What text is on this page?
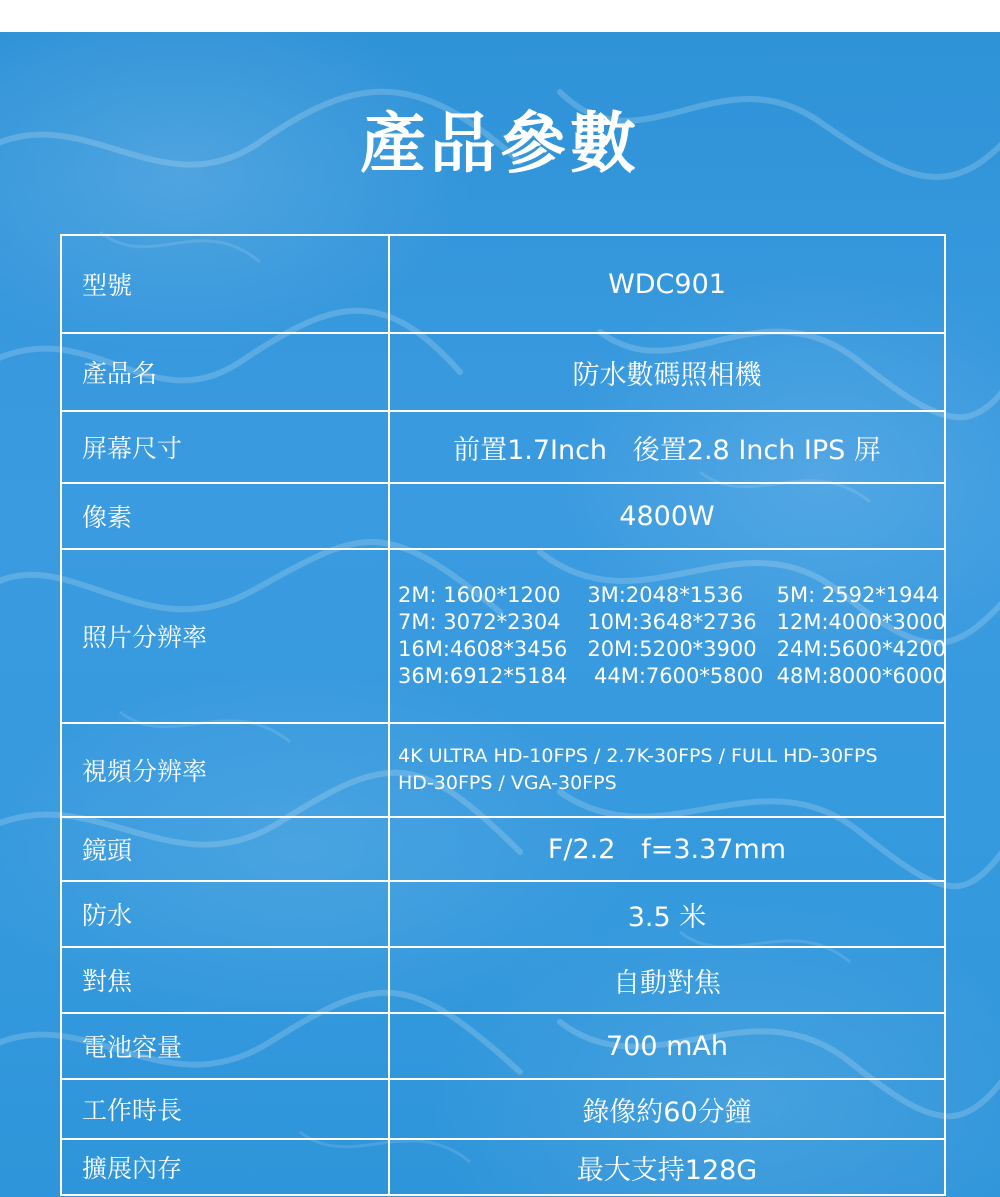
產品參數
型號	WDC901
產品名	防水數碼照相機
屏幕尺寸	前置1.7Inch   後置2.8 Inch IPS 屏
像素	4800W
照片分辨率	2M: 1600*1200    3M:2048*1536     5M: 2592*1944
7M: 3072*2304    10M:3648*2736   12M:4000*3000
16M:4608*3456   20M:5200*3900   24M:5600*4200
36M:6912*5184    44M:7600*5800  48M:8000*6000

視頻分辨率	4K ULTRA HD-10FPS / 2.7K-30FPS / FULL HD-30FPS
HD-30FPS / VGA-30FPS

鏡頭	F/2.2   f=3.37mm
防水	3.5 米
對焦	自動對焦
電池容量	700 mAh
工作時長	錄像約60分鐘
擴展內存	最大支持128G
